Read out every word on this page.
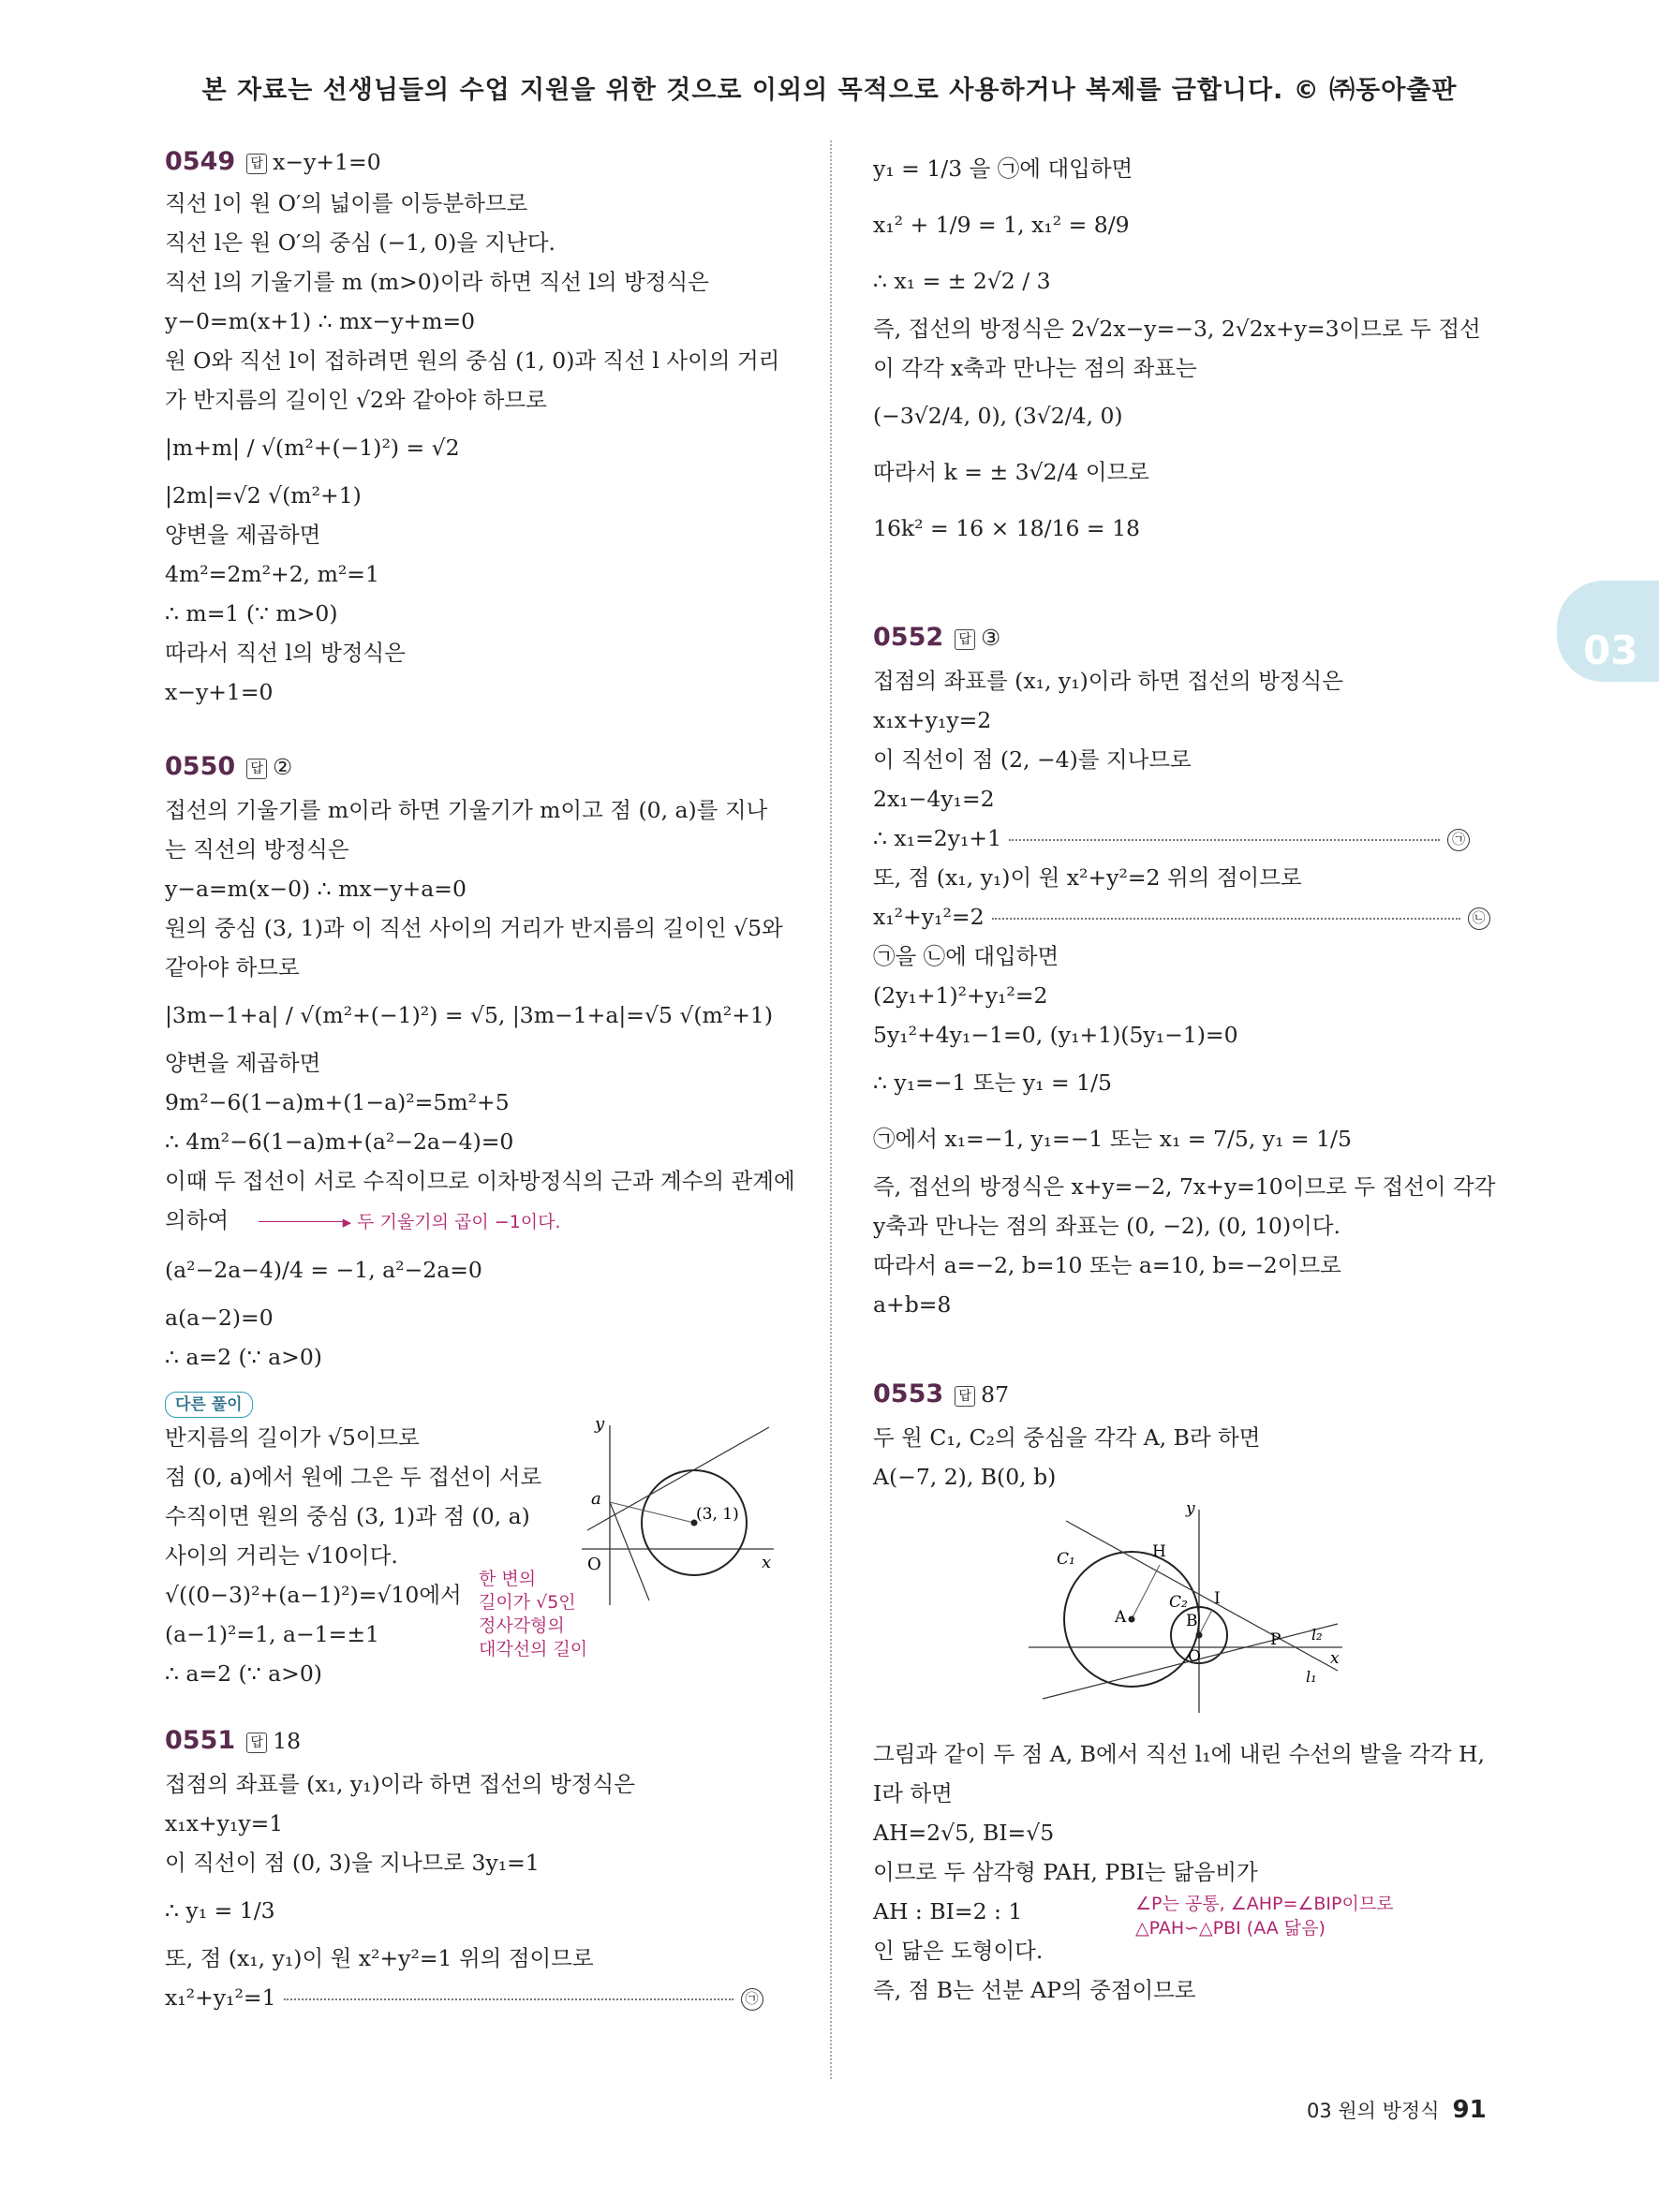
본 자료는 선생님들의 수업 지원을 위한 것으로 이외의 목적으로 사용하거나 복제를 금합니다. © ㈜동아출판
0549 답 x−y+1=0
직선 l이 원 O′의 넓이를 이등분하므로
직선 l은 원 O′의 중심 (−1, 0)을 지난다.
직선 l의 기울기를 m (m>0)이라 하면 직선 l의 방정식은
y−0=m(x+1) ∴ mx−y+m=0
원 O와 직선 l이 접하려면 원의 중심 (1, 0)과 직선 l 사이의 거리
가 반지름의 길이인 √2와 같아야 하므로
|m+m| / √(m²+(−1)²) = √2
|2m|=√2 √(m²+1)
양변을 제곱하면
4m²=2m²+2, m²=1
∴ m=1 (∵ m>0)
따라서 직선 l의 방정식은
x−y+1=0
0550 답 ②
접선의 기울기를 m이라 하면 기울기가 m이고 점 (0, a)를 지나
는 직선의 방정식은
y−a=m(x−0) ∴ mx−y+a=0
원의 중심 (3, 1)과 이 직선 사이의 거리가 반지름의 길이인 √5와
같아야 하므로
|3m−1+a| / √(m²+(−1)²) = √5, |3m−1+a|=√5 √(m²+1)
양변을 제곱하면
9m²−6(1−a)m+(1−a)²=5m²+5
∴ 4m²−6(1−a)m+(a²−2a−4)=0
이때 두 접선이 서로 수직이므로 이차방정식의 근과 계수의 관계에
의하여	▸ 두 기울기의 곱이 −1이다.
(a²−2a−4)/4 = −1, a²−2a=0
a(a−2)=0
∴ a=2 (∵ a>0)
다른 풀이
반지름의 길이가 √5이므로
점 (0, a)에서 원에 그은 두 접선이 서로
수직이면 원의 중심 (3, 1)과 점 (0, a)
사이의 거리는 √10이다.
√((0−3)²+(a−1)²)=√10에서
(a−1)²=1, a−1=±1
∴ a=2 (∵ a>0)
한 변의
길이가 √5인
정사각형의
대각선의 길이
y
x
a
O
(3, 1)
0551 답 18
접점의 좌표를 (x₁, y₁)이라 하면 접선의 방정식은
x₁x+y₁y=1
이 직선이 점 (0, 3)을 지나므로 3y₁=1
∴ y₁ = 1/3
또, 점 (x₁, y₁)이 원 x²+y²=1 위의 점이므로
x₁²+y₁²=1	㉠
y₁ = 1/3 을 ㉠에 대입하면
x₁² + 1/9 = 1, x₁² = 8/9
∴ x₁ = ± 2√2 / 3
즉, 접선의 방정식은 2√2x−y=−3, 2√2x+y=3이므로 두 접선
이 각각 x축과 만나는 점의 좌표는
(−3√2/4, 0), (3√2/4, 0)
따라서 k = ± 3√2/4 이므로
16k² = 16 × 18/16 = 18
0552 답 ③
접점의 좌표를 (x₁, y₁)이라 하면 접선의 방정식은
x₁x+y₁y=2
이 직선이 점 (2, −4)를 지나므로
2x₁−4y₁=2
∴ x₁=2y₁+1	㉠
또, 점 (x₁, y₁)이 원 x²+y²=2 위의 점이므로
x₁²+y₁²=2	㉡
㉠을 ㉡에 대입하면
(2y₁+1)²+y₁²=2
5y₁²+4y₁−1=0, (y₁+1)(5y₁−1)=0
∴ y₁=−1 또는 y₁ = 1/5
㉠에서 x₁=−1, y₁=−1 또는 x₁ = 7/5, y₁ = 1/5
즉, 접선의 방정식은 x+y=−2, 7x+y=10이므로 두 접선이 각각
y축과 만나는 점의 좌표는 (0, −2), (0, 10)이다.
따라서 a=−2, b=10 또는 a=10, b=−2이므로
a+b=8
0553 답 87
두 원 C₁, C₂의 중심을 각각 A, B라 하면
A(−7, 2), B(0, b)
y
x
C₁
C₂
H
I
A	B
O
P l₂
l₁
그림과 같이 두 점 A, B에서 직선 l₁에 내린 수선의 발을 각각 H,
I라 하면
AH=2√5, BI=√5
이므로 두 삼각형 PAH, PBI는 닮음비가
AH : BI=2 : 1	∠P는 공통, ∠AHP=∠BIP이므로
△PAH∽△PBI (AA 닮음)
인 닮은 도형이다.
즉, 점 B는 선분 AP의 중점이므로
03
03 원의 방정식 91
